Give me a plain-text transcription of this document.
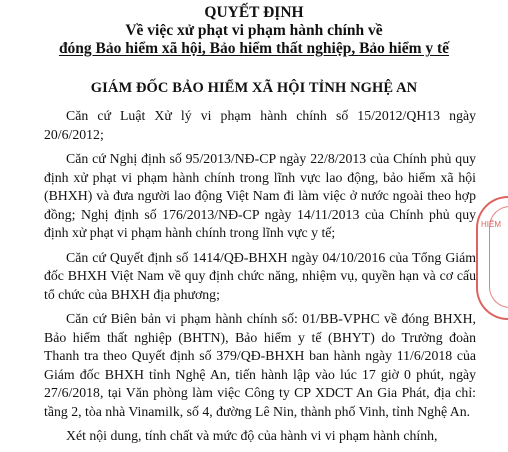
QUYẾT ĐỊNH
Về việc xử phạt vi phạm hành chính về
đóng Bảo hiểm xã hội, Bảo hiểm thất nghiệp, Bảo hiểm y tế
GIÁM ĐỐC BẢO HIỂM XÃ HỘI TỈNH NGHỆ AN

Căn cứ Luật Xử lý vi phạm hành chính số 15/2012/QH13 ngày 20/6/2012;

Căn cứ Nghị định số 95/2013/NĐ-CP ngày 22/8/2013 của Chính phủ quy định xử phạt vi phạm hành chính trong lĩnh vực lao động, bảo hiểm xã hội (BHXH) và đưa người lao động Việt Nam đi làm việc ở nước ngoài theo hợp đồng; Nghị định số 176/2013/NĐ-CP ngày 14/11/2013 của Chính phủ quy định xử phạt vi phạm hành chính trong lĩnh vực y tế;

Căn cứ Quyết định số 1414/QĐ-BHXH ngày 04/10/2016 của Tổng Giám đốc BHXH Việt Nam về quy định chức năng, nhiệm vụ, quyền hạn và cơ cấu tổ chức của BHXH địa phương;

Căn cứ Biên bản vi phạm hành chính số: 01/BB-VPHC về đóng BHXH, Bảo hiểm thất nghiệp (BHTN), Bảo hiểm y tế (BHYT) do Trưởng đoàn Thanh tra theo Quyết định số 379/QĐ-BHXH ban hành ngày 11/6/2018 của Giám đốc BHXH tỉnh Nghệ An, tiến hành lập vào lúc 17 giờ 0 phút, ngày 27/6/2018, tại Văn phòng làm việc Công ty CP XDCT An Gia Phát, địa chỉ: tầng 2, tòa nhà Vinamilk, số 4, đường Lê Nin, thành phố Vinh, tỉnh Nghệ An.

Xét nội dung, tính chất và mức độ của hành vi vi phạm hành chính,

HIỂM
